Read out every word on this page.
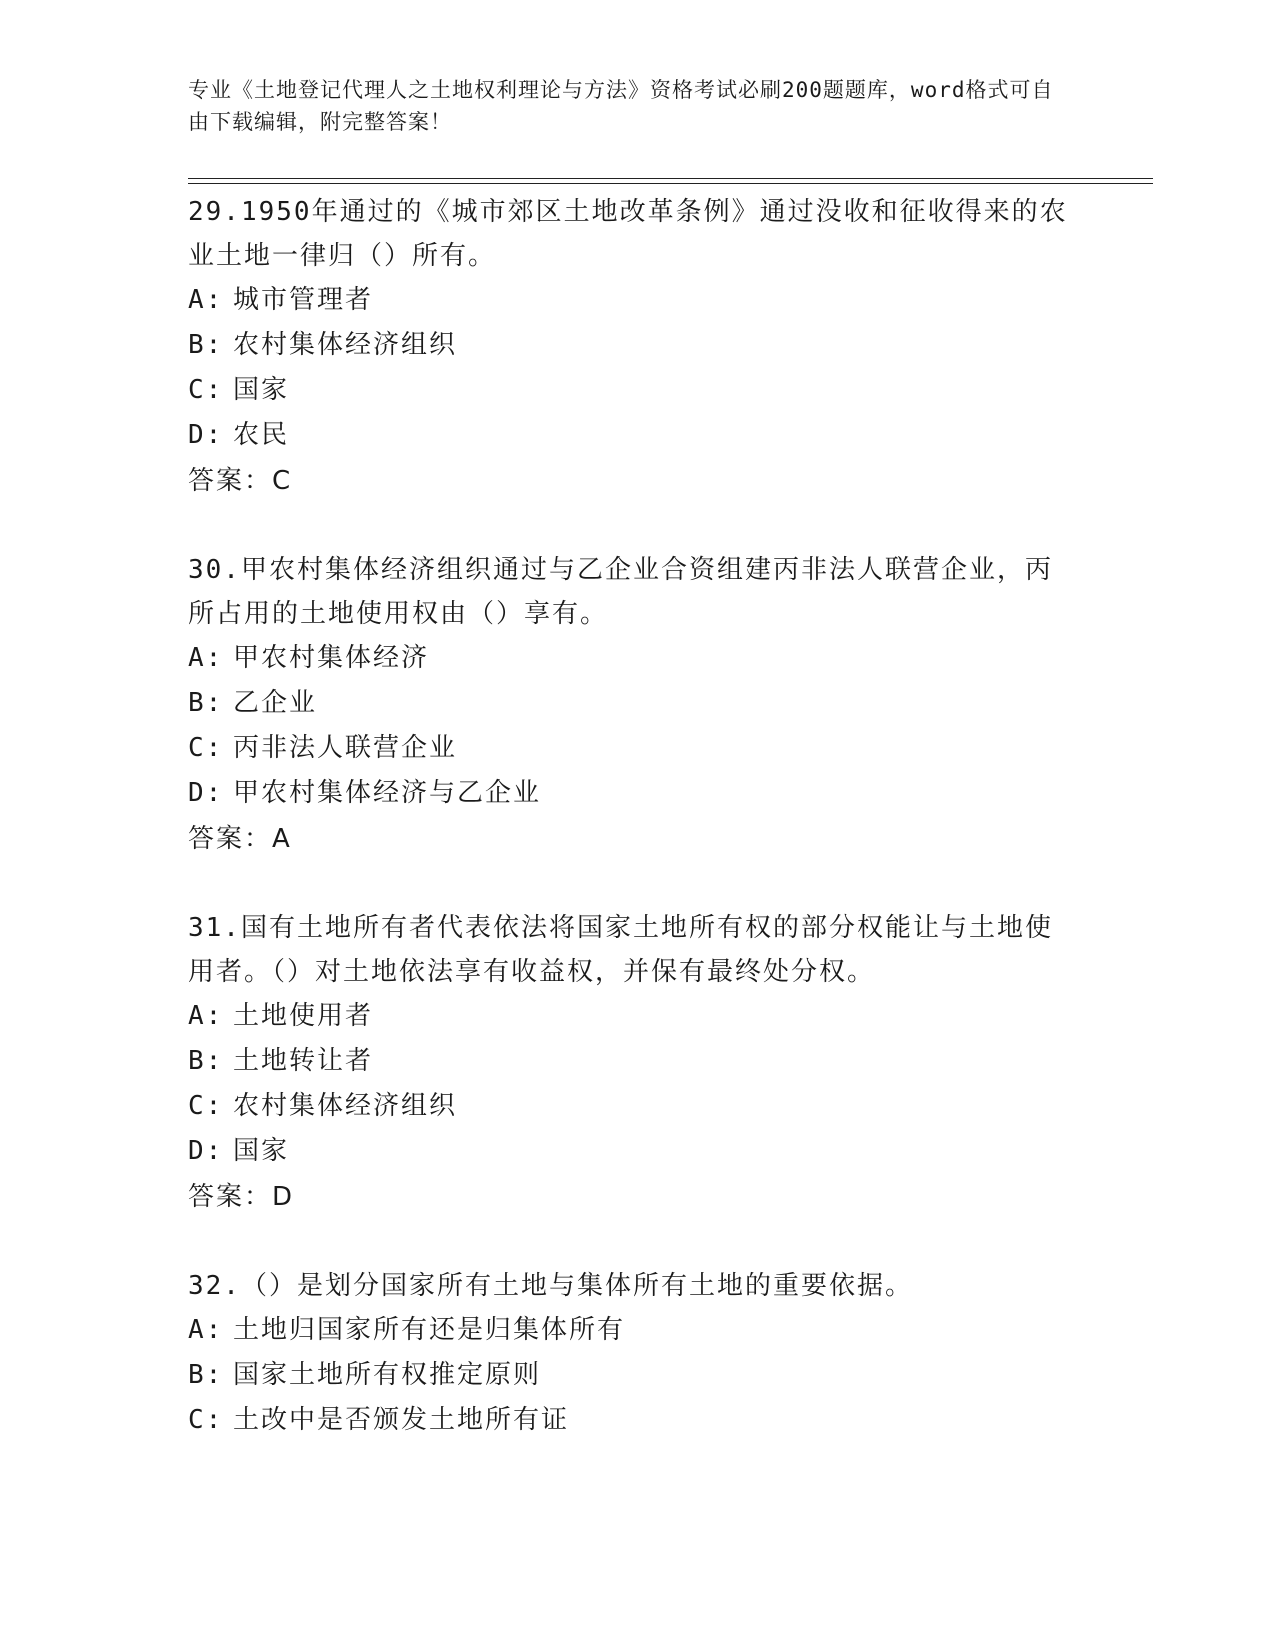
专业《土地登记代理人之土地权利理论与方法》资格考试必刷200题题库，word格式可自由下载编辑，附完整答案！

29.1950年通过的《城市郊区土地改革条例》通过没收和征收得来的农业土地一律归（）所有。

A: 城市管理者

B: 农村集体经济组织

C: 国家

D: 农民

答案：C

30.甲农村集体经济组织通过与乙企业合资组建丙非法人联营企业，丙所占用的土地使用权由（）享有。

A: 甲农村集体经济

B: 乙企业

C: 丙非法人联营企业

D: 甲农村集体经济与乙企业

答案：A

31.国有土地所有者代表依法将国家土地所有权的部分权能让与土地使用者。（）对土地依法享有收益权，并保有最终处分权。

A: 土地使用者

B: 土地转让者

C: 农村集体经济组织

D: 国家

答案：D

32.（）是划分国家所有土地与集体所有土地的重要依据。

A: 土地归国家所有还是归集体所有

B: 国家土地所有权推定原则

C: 土改中是否颁发土地所有证
